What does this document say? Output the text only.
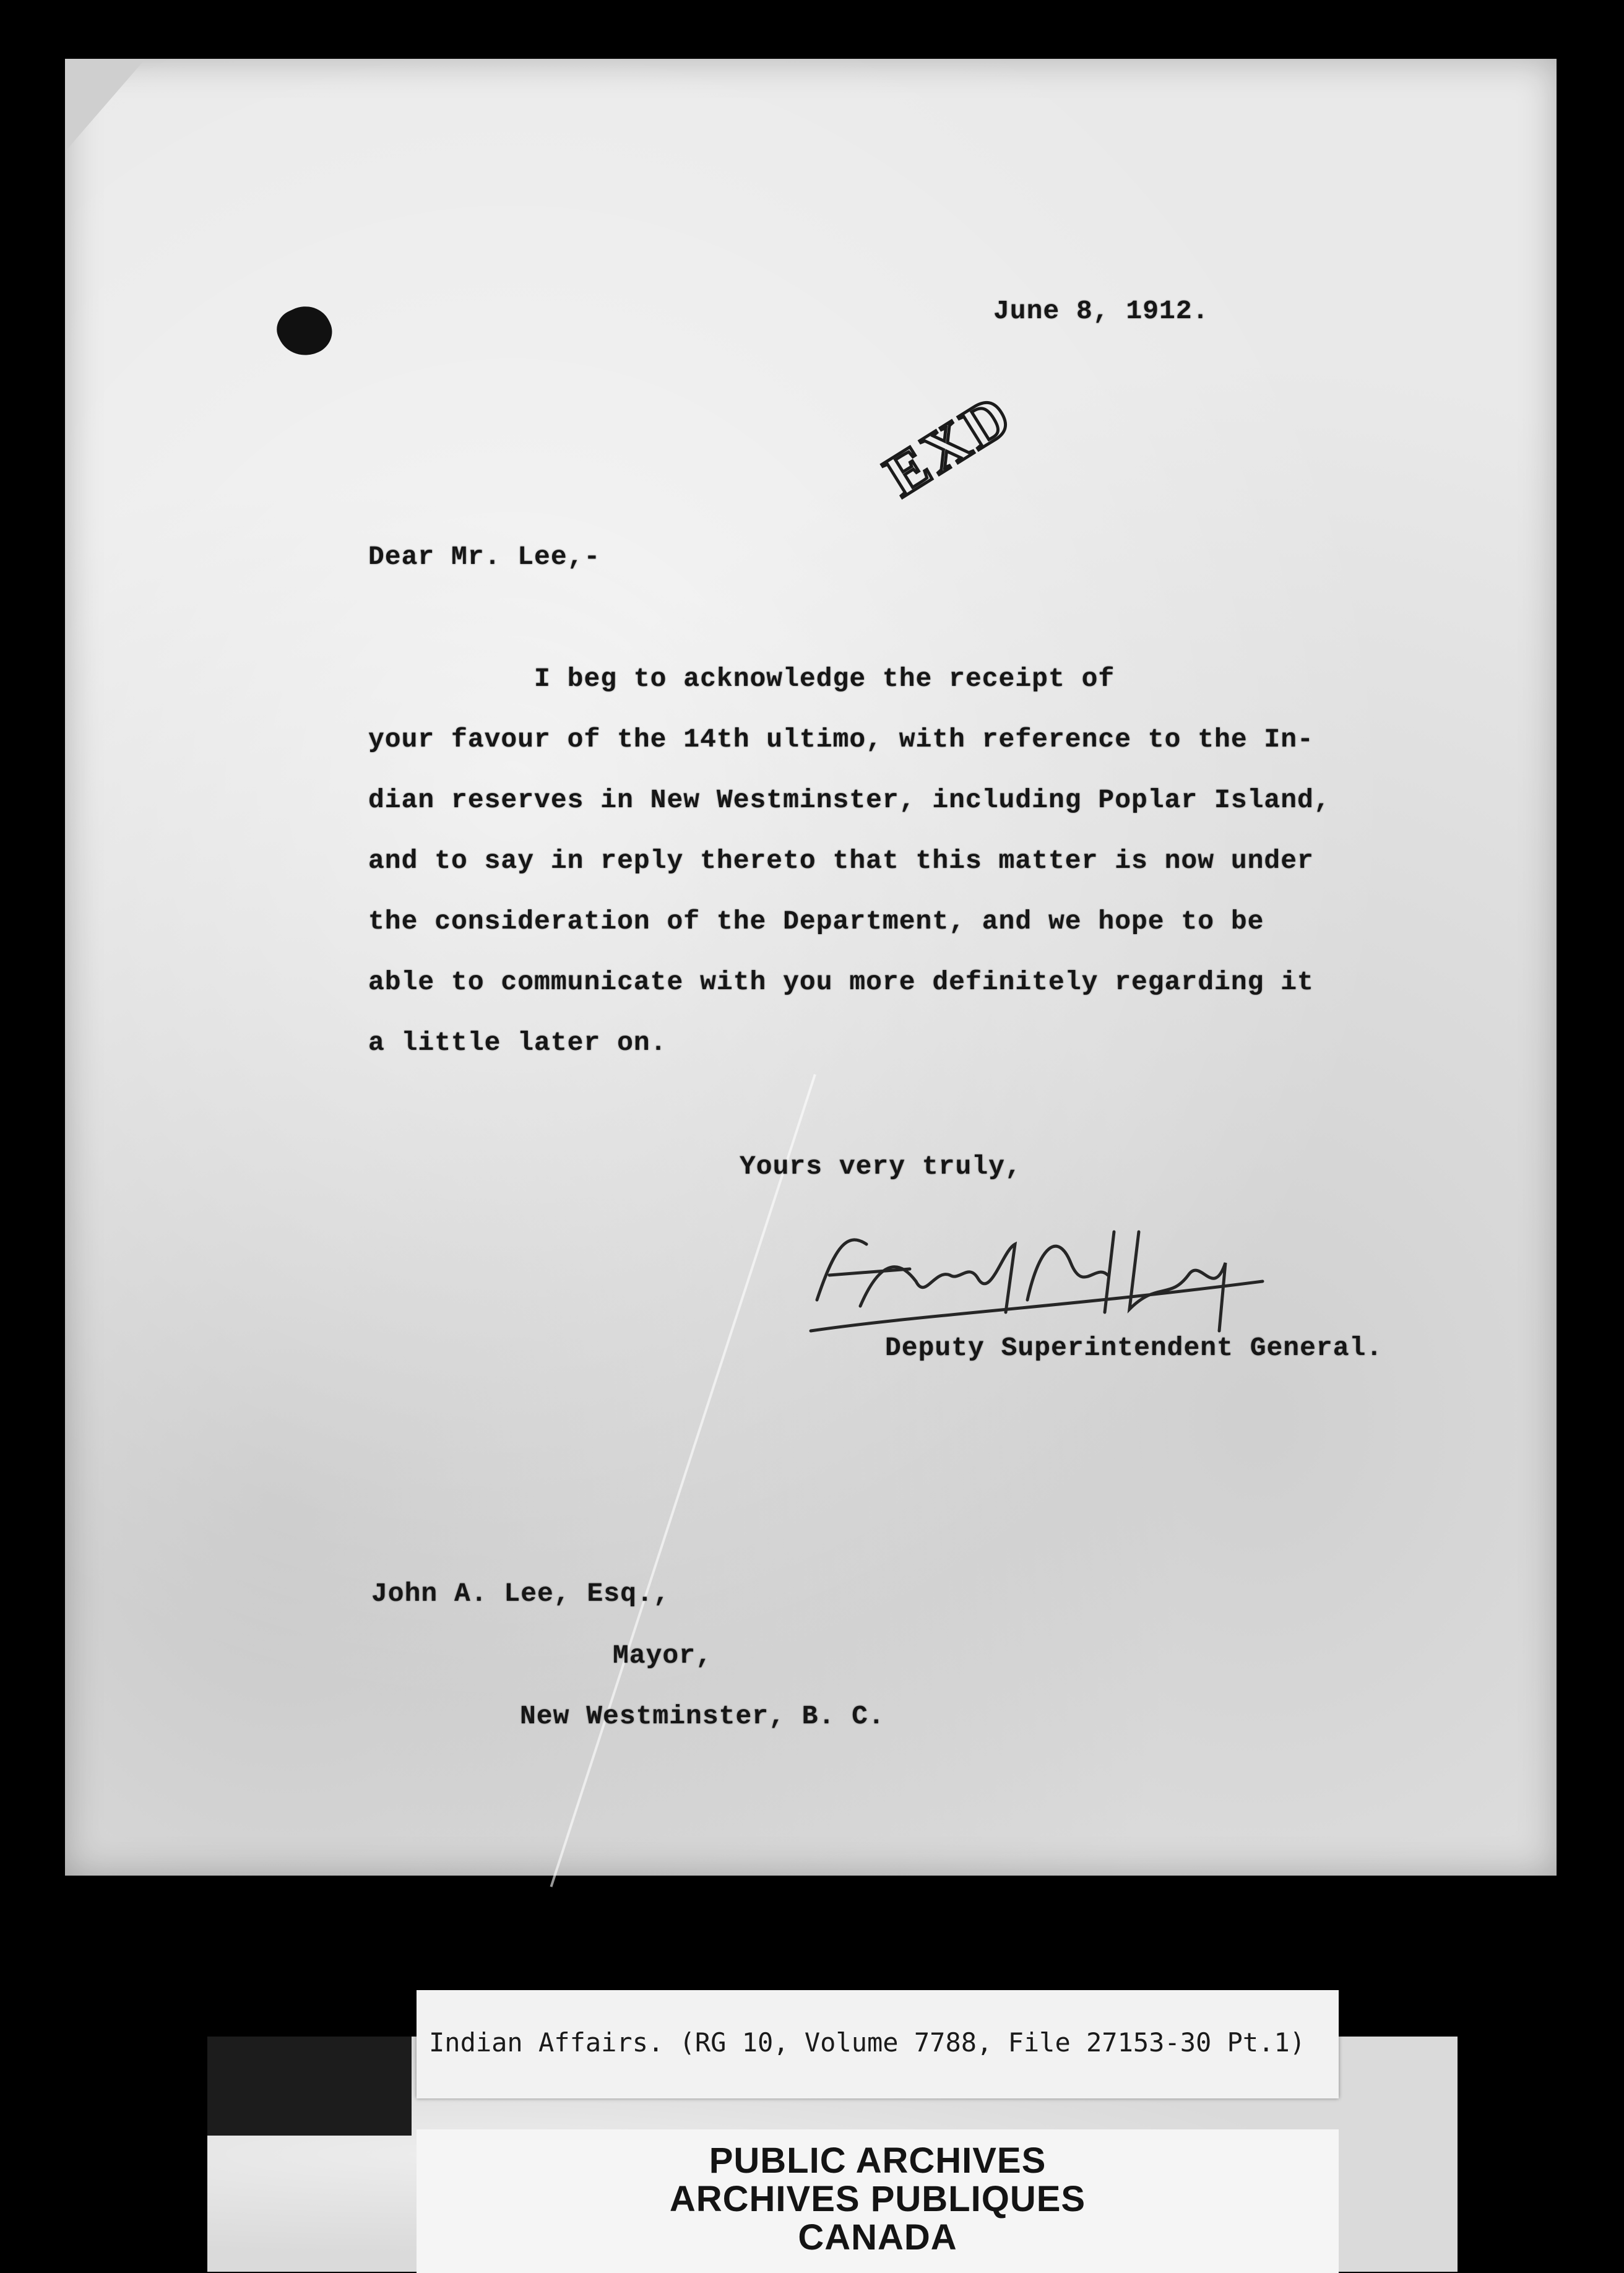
June 8, 1912.

EXD

Dear Mr. Lee,-

I beg to acknowledge the receipt of

your favour of the 14th ultimo, with reference to the In-

dian reserves in New Westminster, including Poplar Island,

and to say in reply thereto that this matter is now under

the consideration of the Department, and we hope to be

able to communicate with you more definitely regarding it

a little later on.

Yours very truly,

Deputy Superintendent General.

John A. Lee, Esq.,

Mayor,

New Westminster, B. C.

Indian Affairs. (RG 10, Volume 7788, File 27153-30 Pt.1)

PUBLIC ARCHIVES

ARCHIVES PUBLIQUES

CANADA
